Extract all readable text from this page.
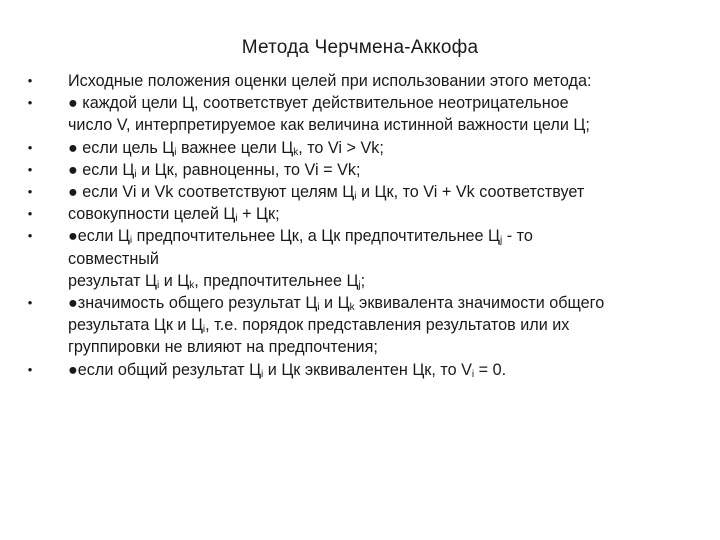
Метода Черчмена-Аккофа
• Исходные положения оценки целей при использовании этого метода:
• ● каждой цели Ц, соответствует действительное неотрицательное
число V, интерпретируемое как величина истинной важности цели Ц;
• ● если цель $Ц_i$ важнее цели $Ц_k$, то Vi > Vk;
• ● если $Ц_i$ и Цк, равноценны, то Vi = Vk;
• ● если Vi и Vk соответствуют целям $Ц_i$ и Цк, то Vi + Vk соответствует
• совокупности целей $Ц_i$ + Цк;
• ●если $Ц_i$ предпочтительнее Цк, а Цк предпочтительнее $Ц_j$ - то
совместный
результат $Ц_i$ и $Ц_k$, предпочтительнее $Ц_j$;
• ●значимость общего результат $Ц_i$ и $Ц_k$ эквивалента значимости общего
результата Цк и $Ц_i$, т.е. порядок представления результатов или их
группировки не влияют на предпочтения;
• ●если общий результат $Ц_i$ и Цк эквивалентен Цк, то $V_i = 0$.
